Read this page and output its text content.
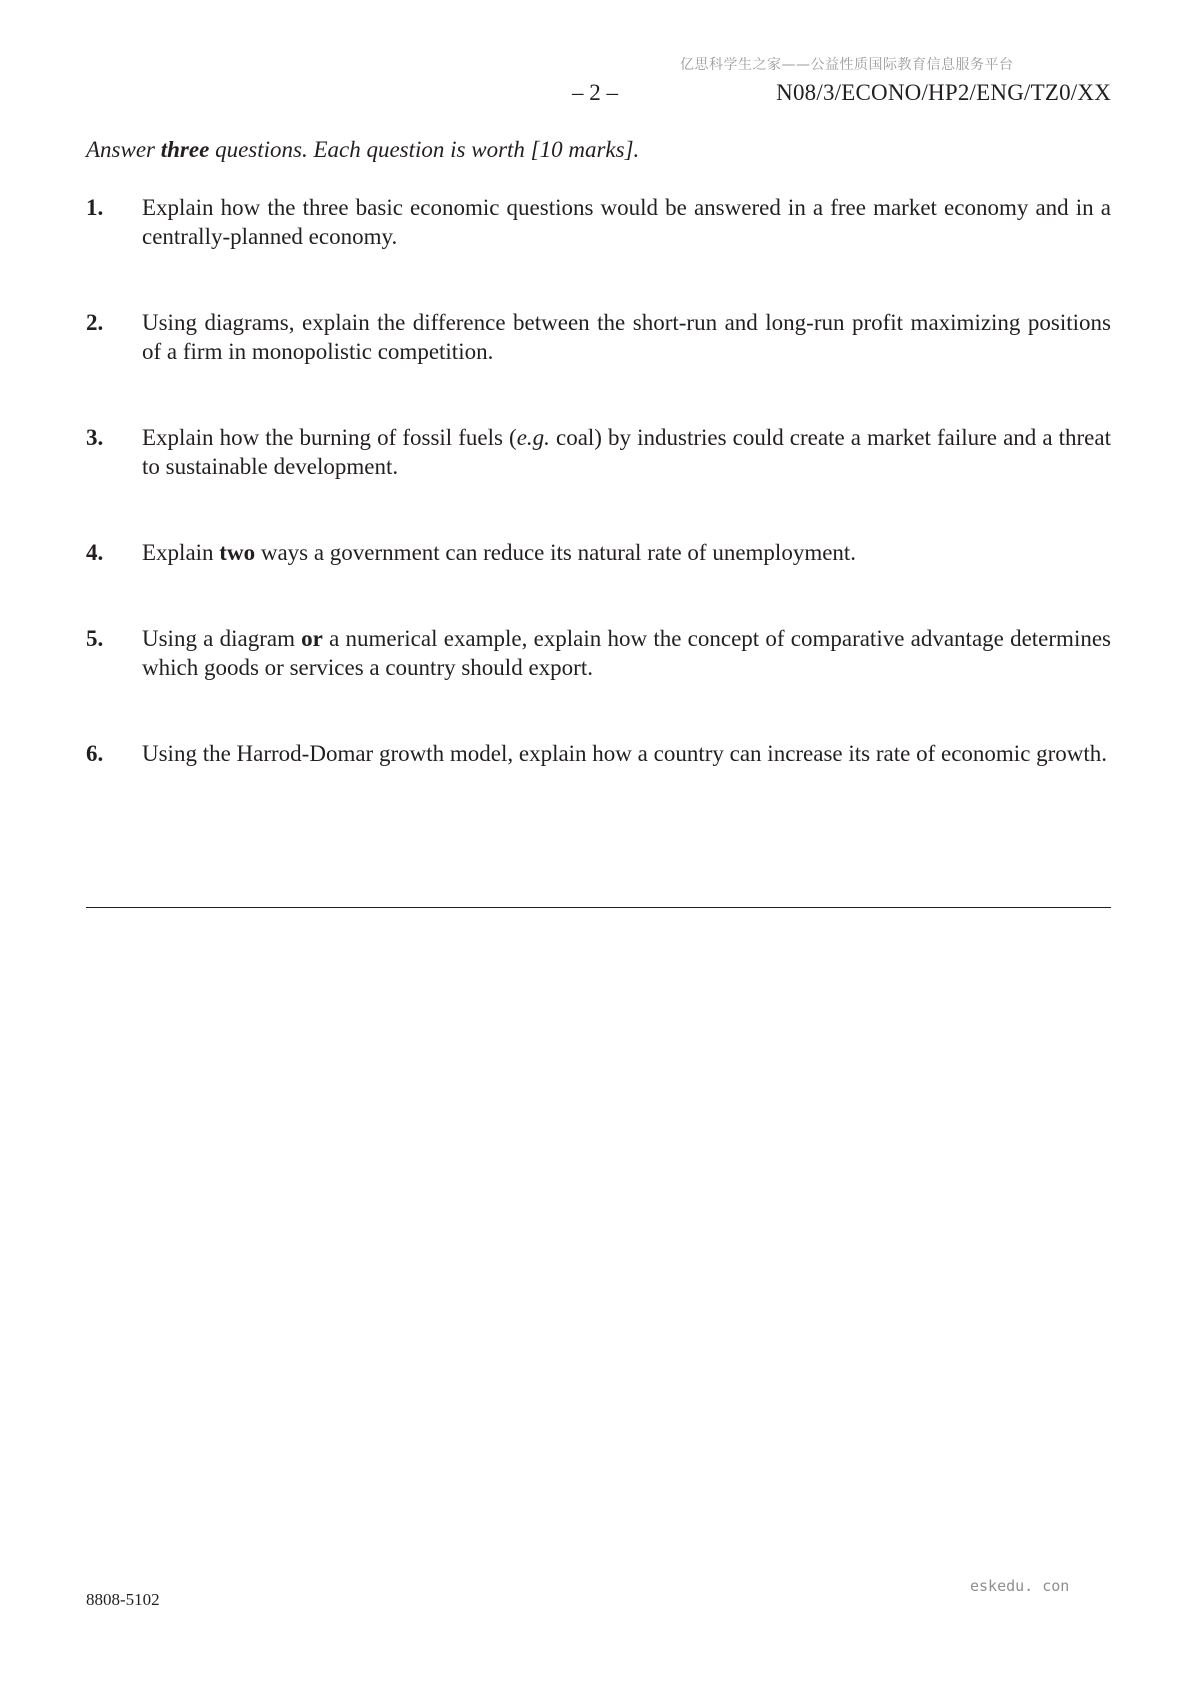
亿思科学生之家——公益性质国际教育信息服务平台
– 2 –	N08/3/ECONO/HP2/ENG/TZ0/XX
Answer three questions. Each question is worth [10 marks].
1. Explain how the three basic economic questions would be answered in a free market economy and in a centrally-planned economy.
2. Using diagrams, explain the difference between the short-run and long-run profit maximizing positions of a firm in monopolistic competition.
3. Explain how the burning of fossil fuels (e.g. coal) by industries could create a market failure and a threat to sustainable development.
4. Explain two ways a government can reduce its natural rate of unemployment.
5. Using a diagram or a numerical example, explain how the concept of comparative advantage determines which goods or services a country should export.
6. Using the Harrod-Domar growth model, explain how a country can increase its rate of economic growth.
8808-5102
eskedu. con
